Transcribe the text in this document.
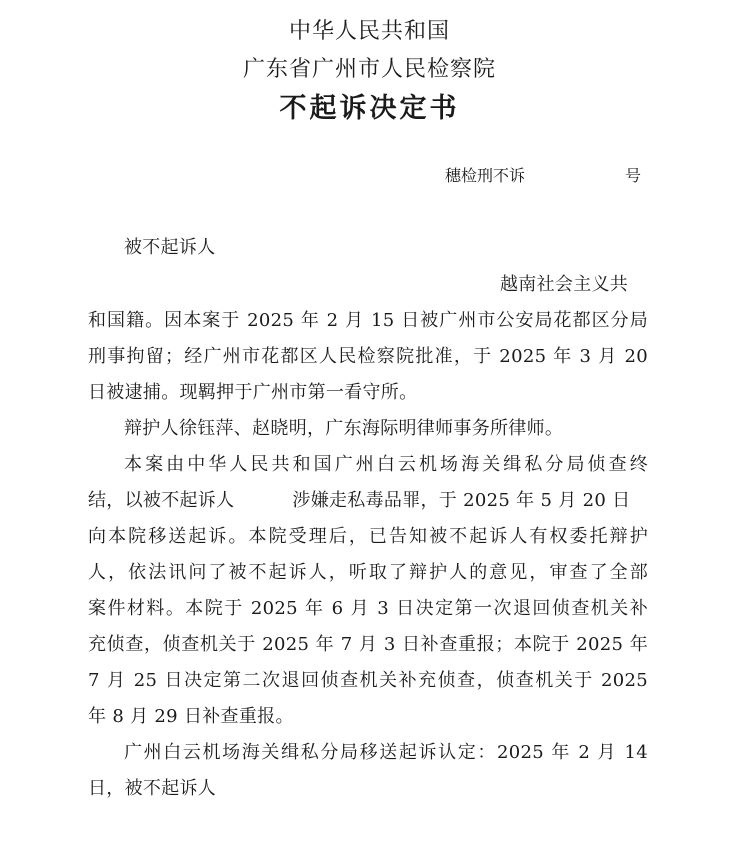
中华人民共和国
广东省广州市人民检察院
不起诉决定书
穗检刑不诉	号
被不起诉人
越南社会主义共
和国籍。因本案于 2025 年 2 月 15 日被广州市公安局花都区分局
刑事拘留；经广州市花都区人民检察院批准，于 2025 年 3 月 20
日被逮捕。现羁押于广州市第一看守所。
辩护人徐钰萍、赵晓明，广东海际明律师事务所律师。
本案由中华人民共和国广州白云机场海关缉私分局侦查终
结，以被不起诉人	涉嫌走私毒品罪，于 2025 年 5 月 20 日
向本院移送起诉。本院受理后，已告知被不起诉人有权委托辩护
人，依法讯问了被不起诉人，听取了辩护人的意见，审查了全部
案件材料。本院于 2025 年 6 月 3 日决定第一次退回侦查机关补
充侦查，侦查机关于 2025 年 7 月 3 日补查重报；本院于 2025 年
7 月 25 日决定第二次退回侦查机关补充侦查，侦查机关于 2025
年 8 月 29 日补查重报。
广州白云机场海关缉私分局移送起诉认定：2025 年 2 月 14
日，被不起诉人
